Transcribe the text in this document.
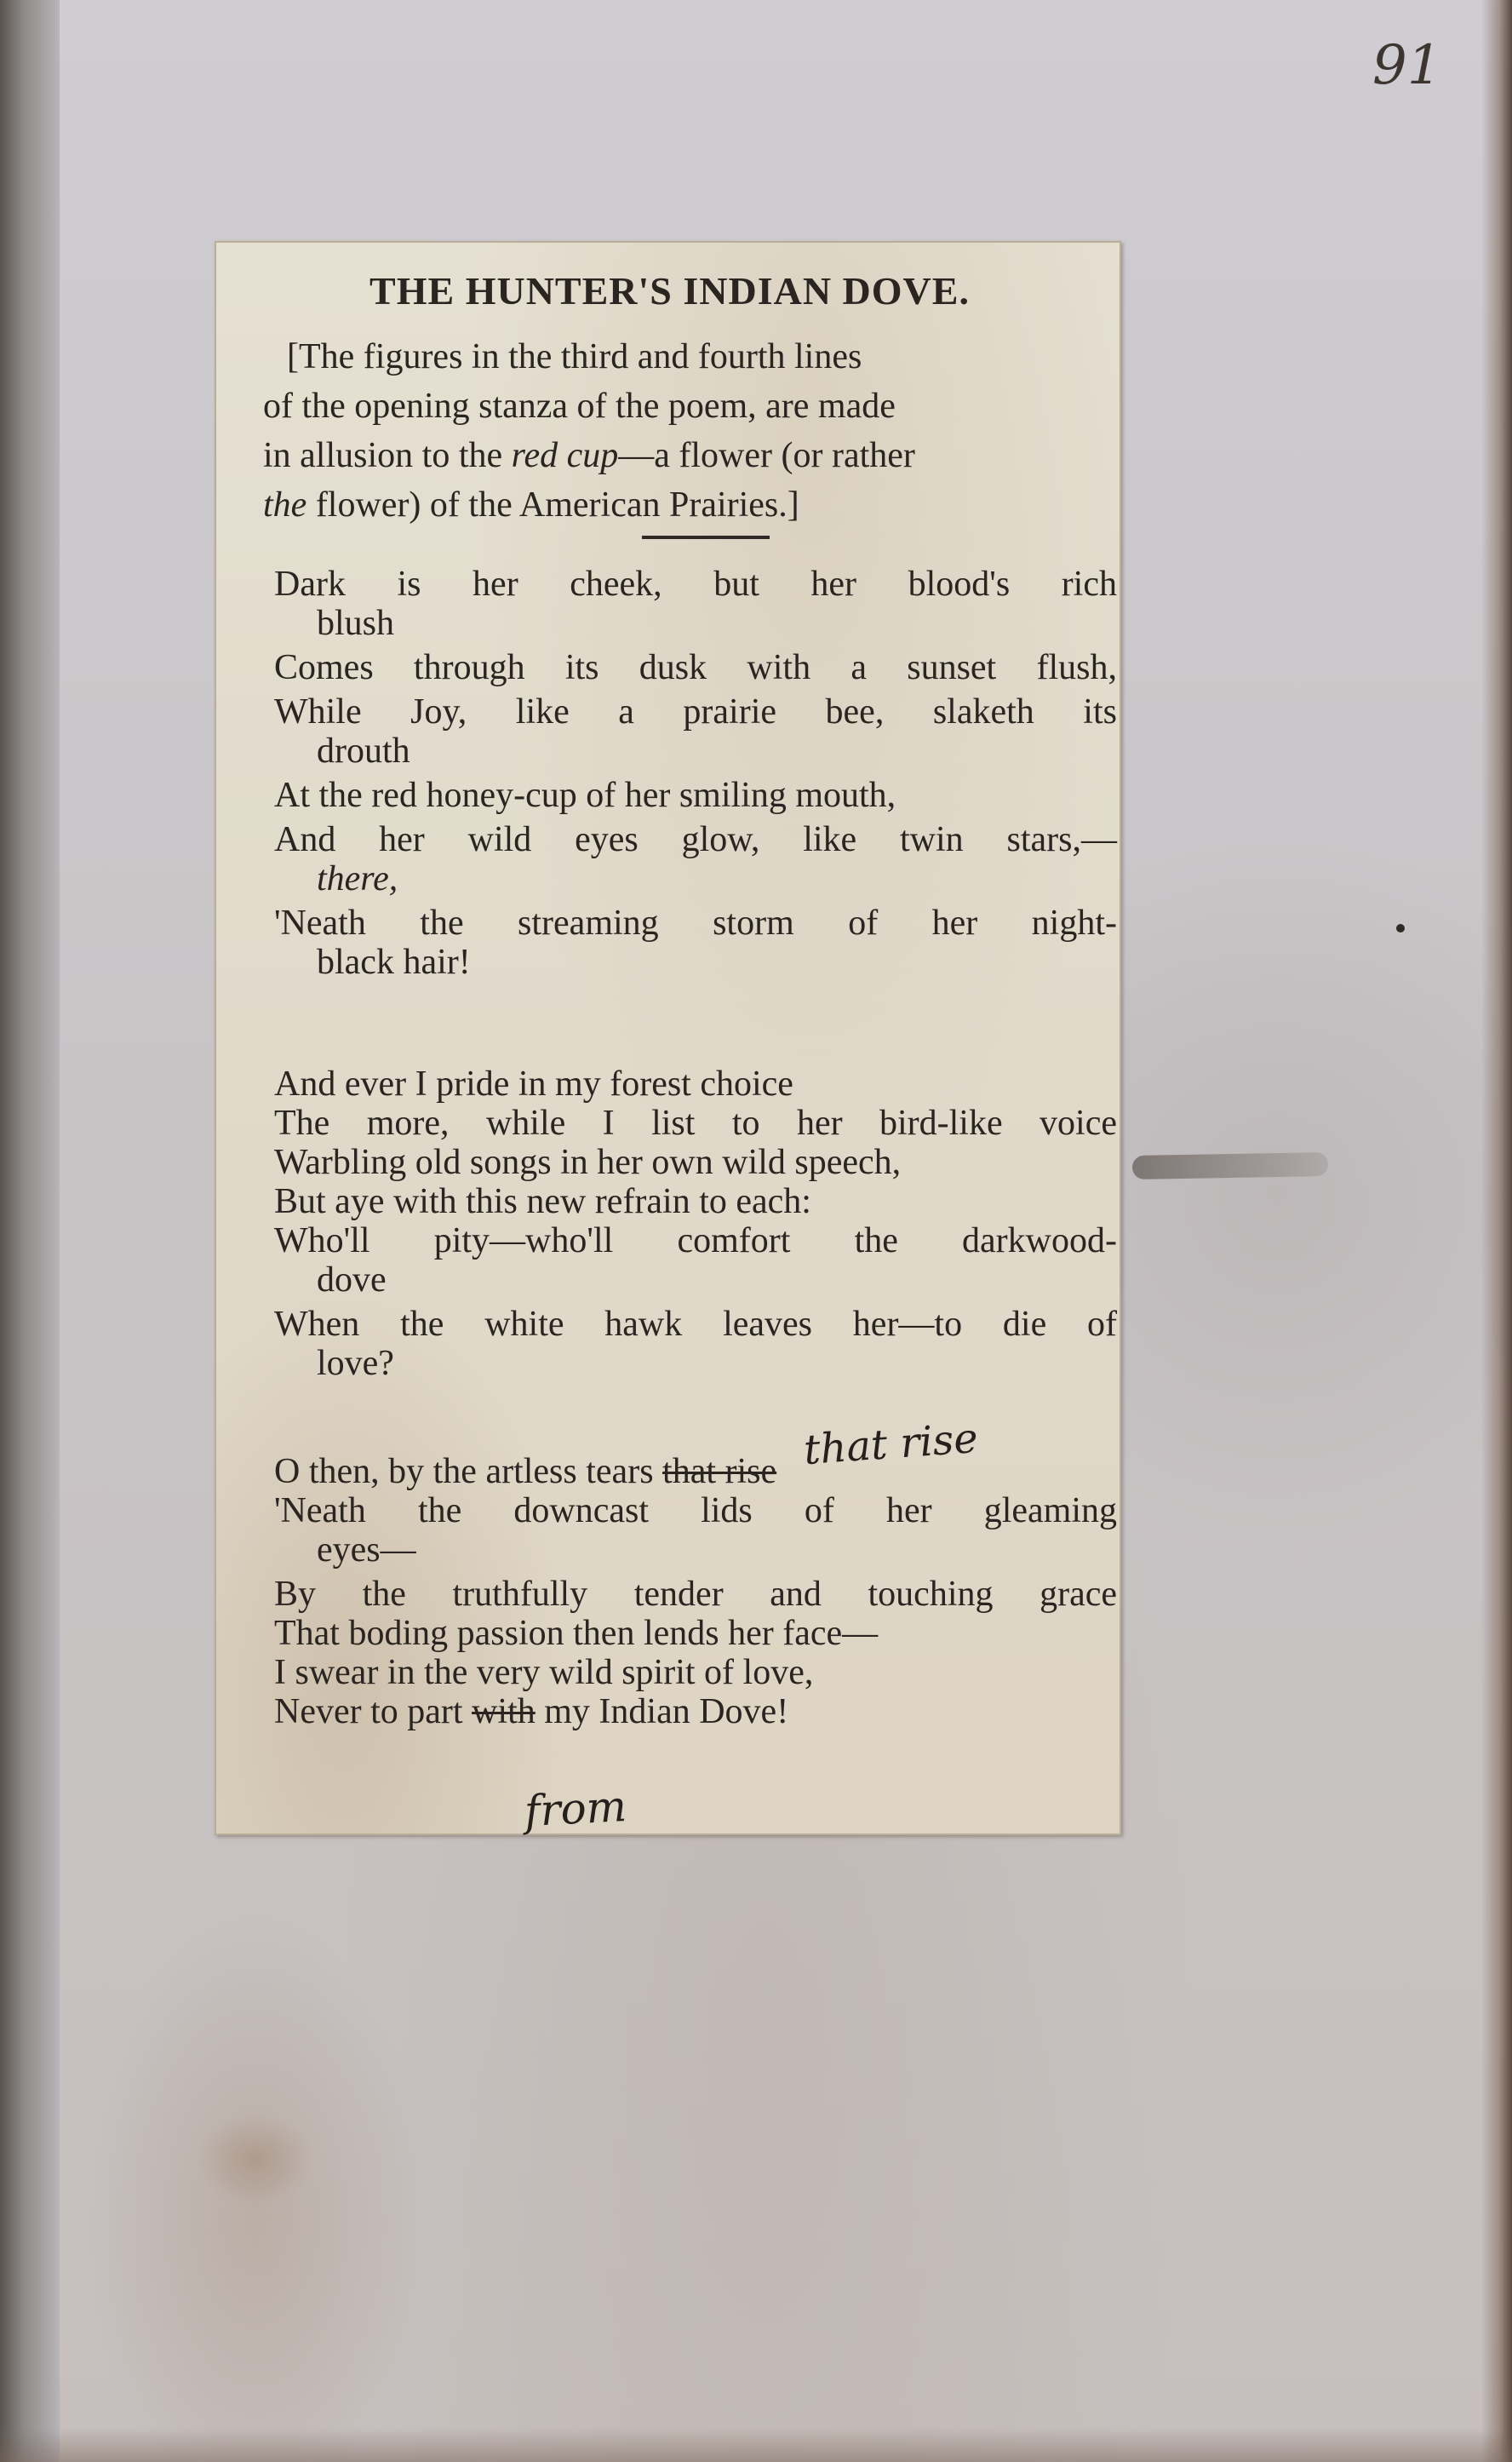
91

THE HUNTER'S INDIAN DOVE.

[The figures in the third and fourth lines
of the opening stanza of the poem, are made
in allusion to the red cup—a flower (or rather
the flower) of the American Prairies.]

Dark is her cheek, but her blood's rich
blush
Comes through its dusk with a sunset flush,
While Joy, like a prairie bee, slaketh its
drouth
At the red honey-cup of her smiling mouth,
And her wild eyes glow, like twin stars,—
there,
'Neath the streaming storm of her night-
black hair!

And ever I pride in my forest choice
The more, while I list to her bird-like voice
Warbling old songs in her own wild speech,
But aye with this new refrain to each:
Who'll pity—who'll comfort the darkwood-
dove
When the white hawk leaves her—to die of
love?

that rise

O then, by the artless tears that rise
'Neath the downcast lids of her gleaming
eyes—
By the truthfully tender and touching grace
That boding passion then lends her face—
I swear in the very wild spirit of love,
Never to part with my Indian Dove!

from
